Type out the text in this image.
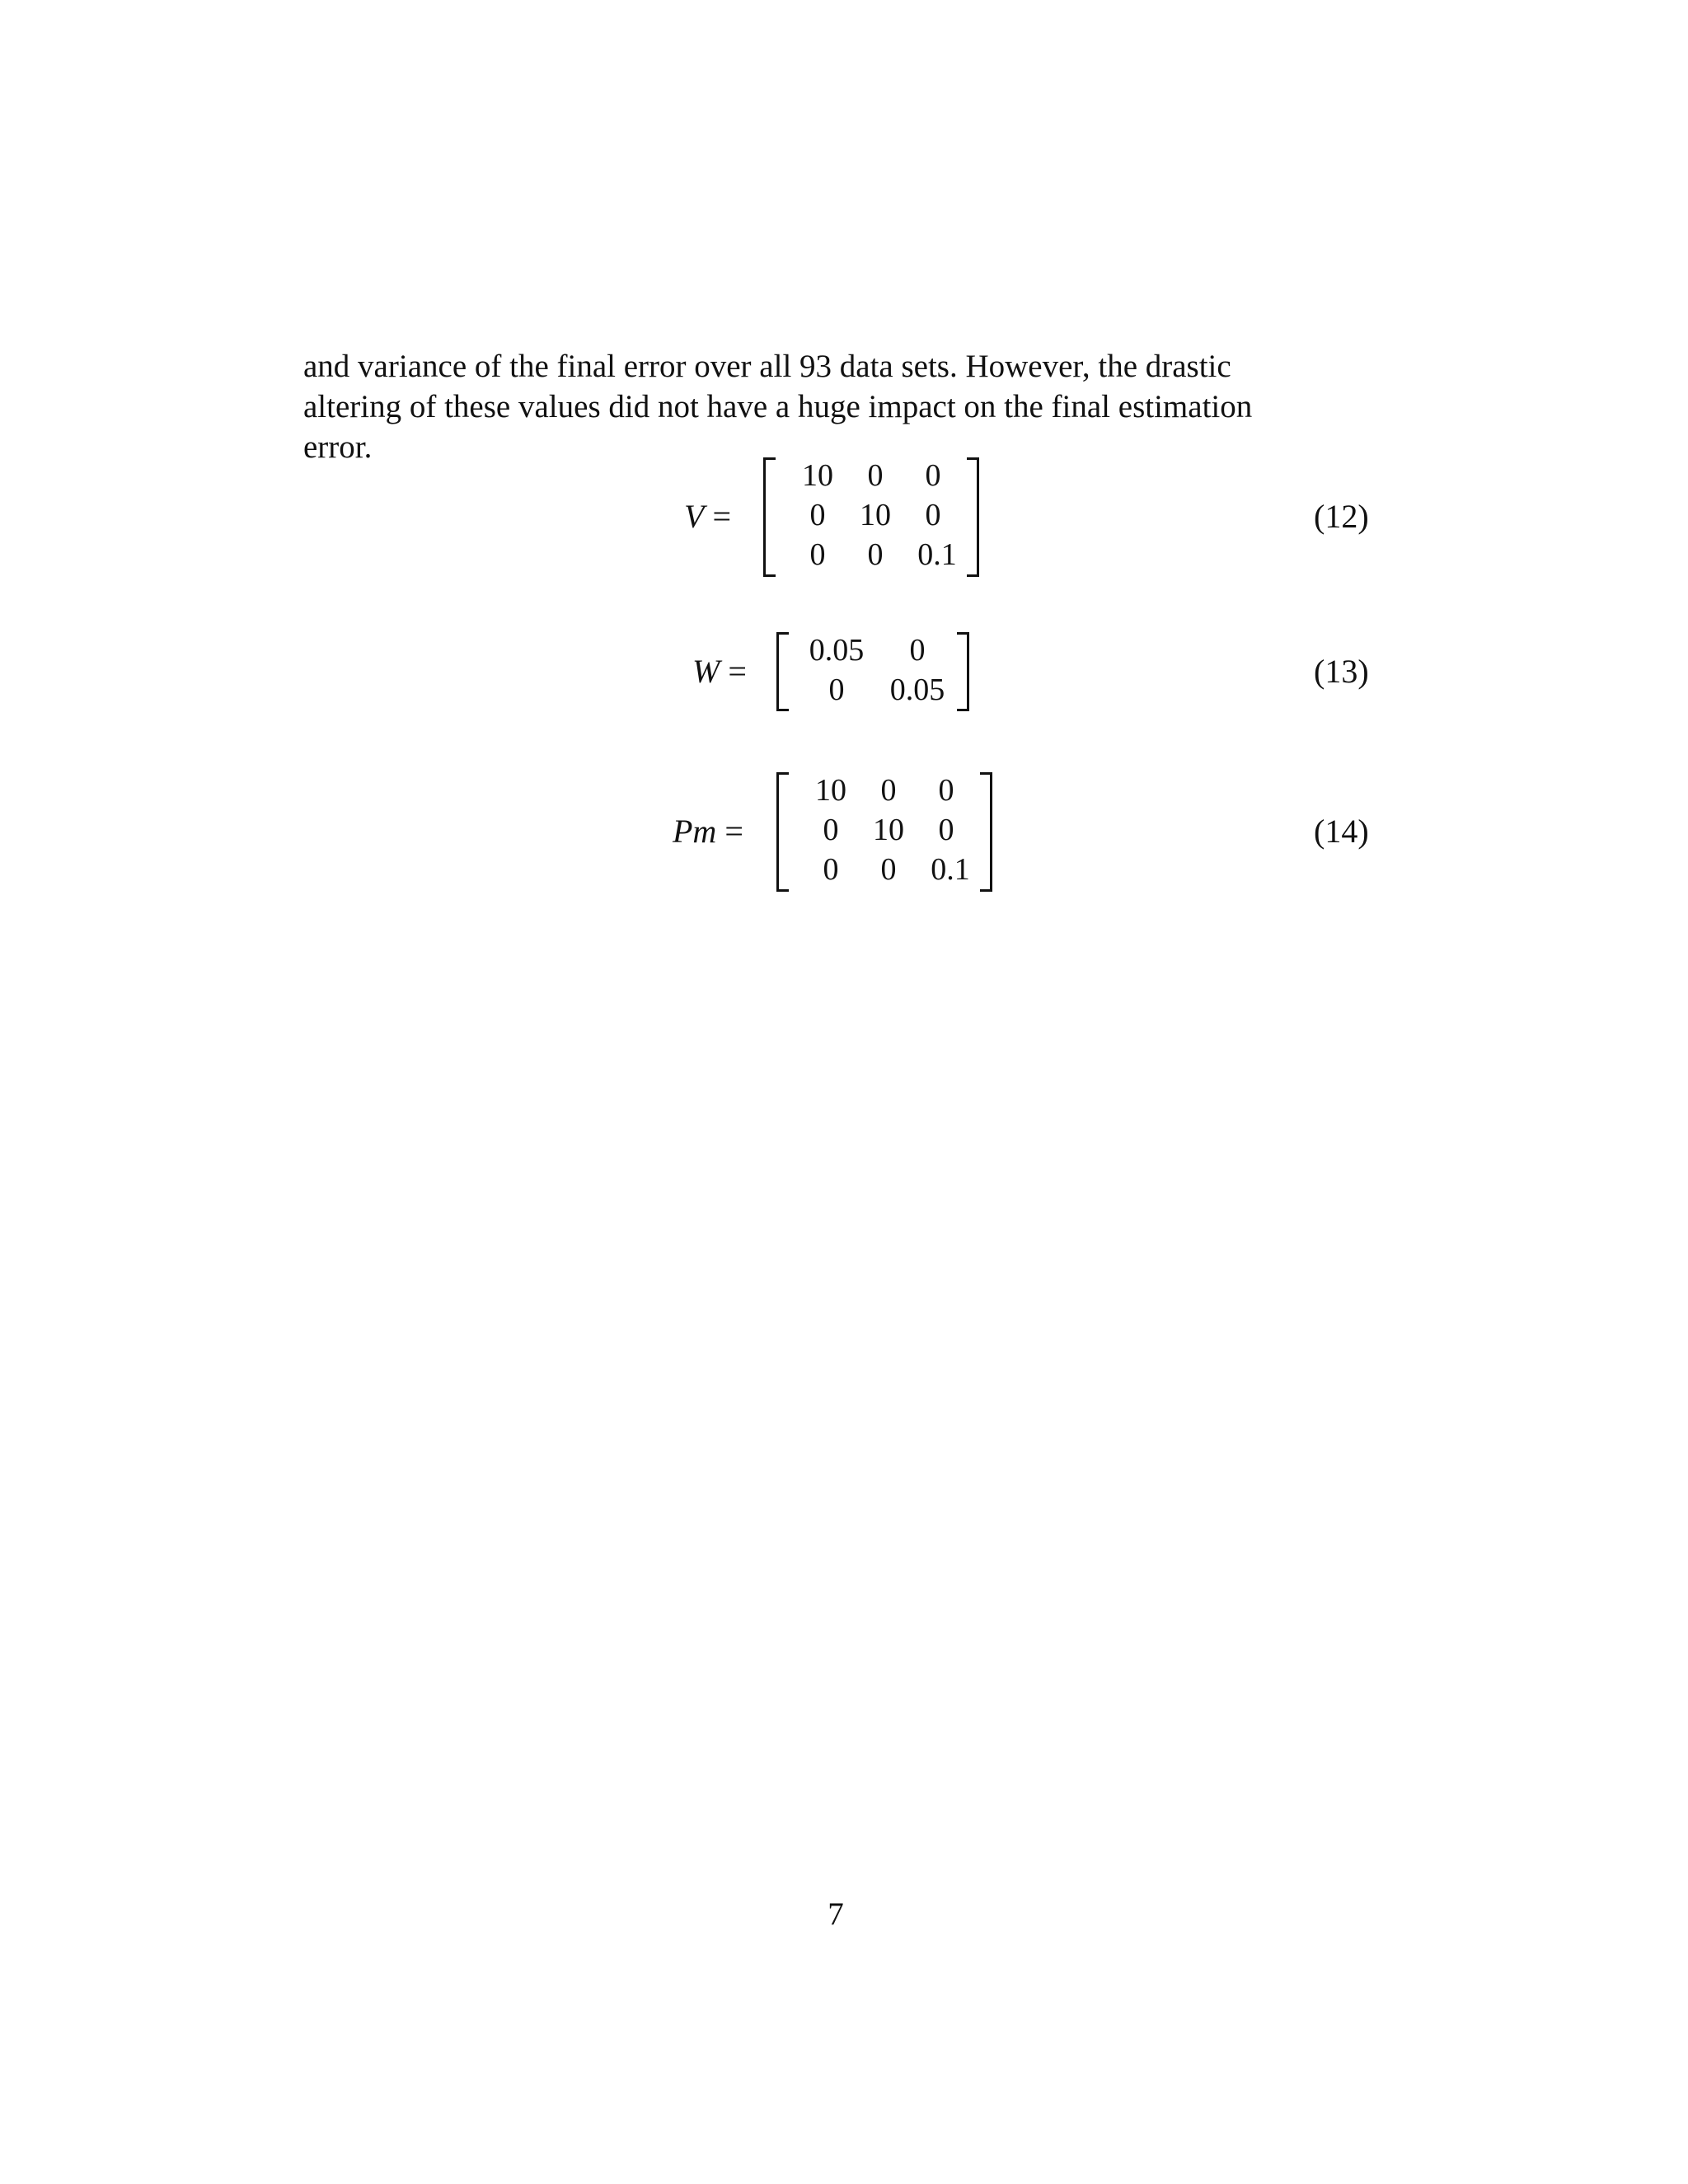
and variance of the final error over all 93 data sets. However, the drastic
altering of these values did not have a huge impact on the final estimation
error.
V =
10	0	0
0	10	0
0	0	0.1
(12)
W =
0.05	0
0	0.05	(13)
Pm =
10	0	0
0	10	0
0	0	0.1
(14)
7
